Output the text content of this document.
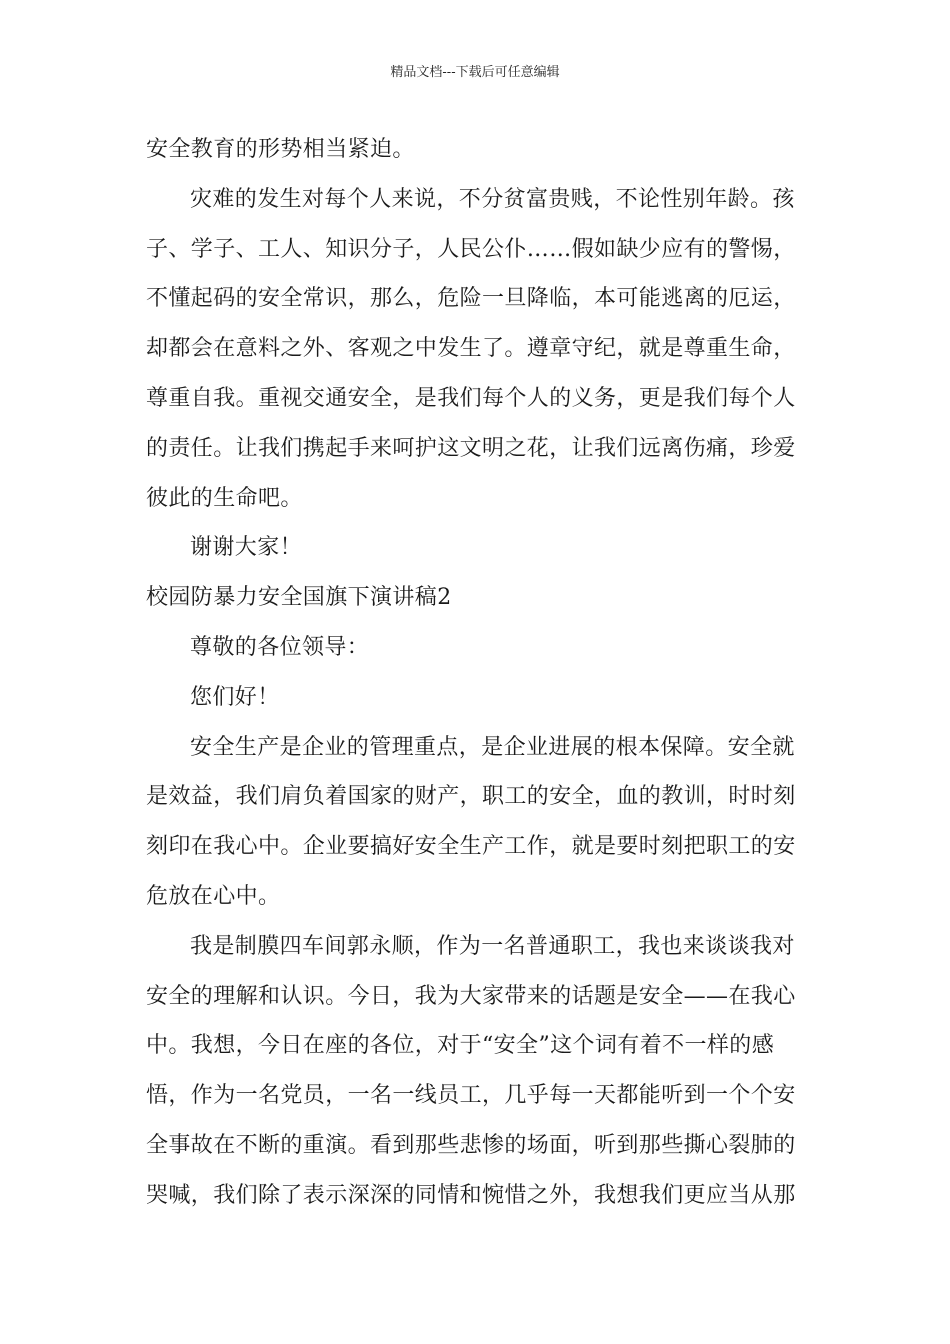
精品文档---下载后可任意编辑
安全教育的形势相当紧迫。
灾难的发生对每个人来说，不分贫富贵贱，不论性别年龄。孩
子、学子、工人、知识分子，人民公仆……假如缺少应有的警惕，
不懂起码的安全常识，那么，危险一旦降临，本可能逃离的厄运，
却都会在意料之外、客观之中发生了。遵章守纪，就是尊重生命，
尊重自我。重视交通安全，是我们每个人的义务，更是我们每个人
的责任。让我们携起手来呵护这文明之花，让我们远离伤痛，珍爱
彼此的生命吧。
谢谢大家！
校园防暴力安全国旗下演讲稿2
尊敬的各位领导：
您们好！
安全生产是企业的管理重点，是企业进展的根本保障。安全就
是效益，我们肩负着国家的财产，职工的安全，血的教训，时时刻
刻印在我心中。企业要搞好安全生产工作，就是要时刻把职工的安
危放在心中。
我是制膜四车间郭永顺，作为一名普通职工，我也来谈谈我对
安全的理解和认识。今日，我为大家带来的话题是安全——在我心
中。我想，今日在座的各位，对于“安全”这个词有着不一样的感
悟，作为一名党员，一名一线员工，几乎每一天都能听到一个个安
全事故在不断的重演。看到那些悲惨的场面，听到那些撕心裂肺的
哭喊，我们除了表示深深的同情和惋惜之外，我想我们更应当从那
